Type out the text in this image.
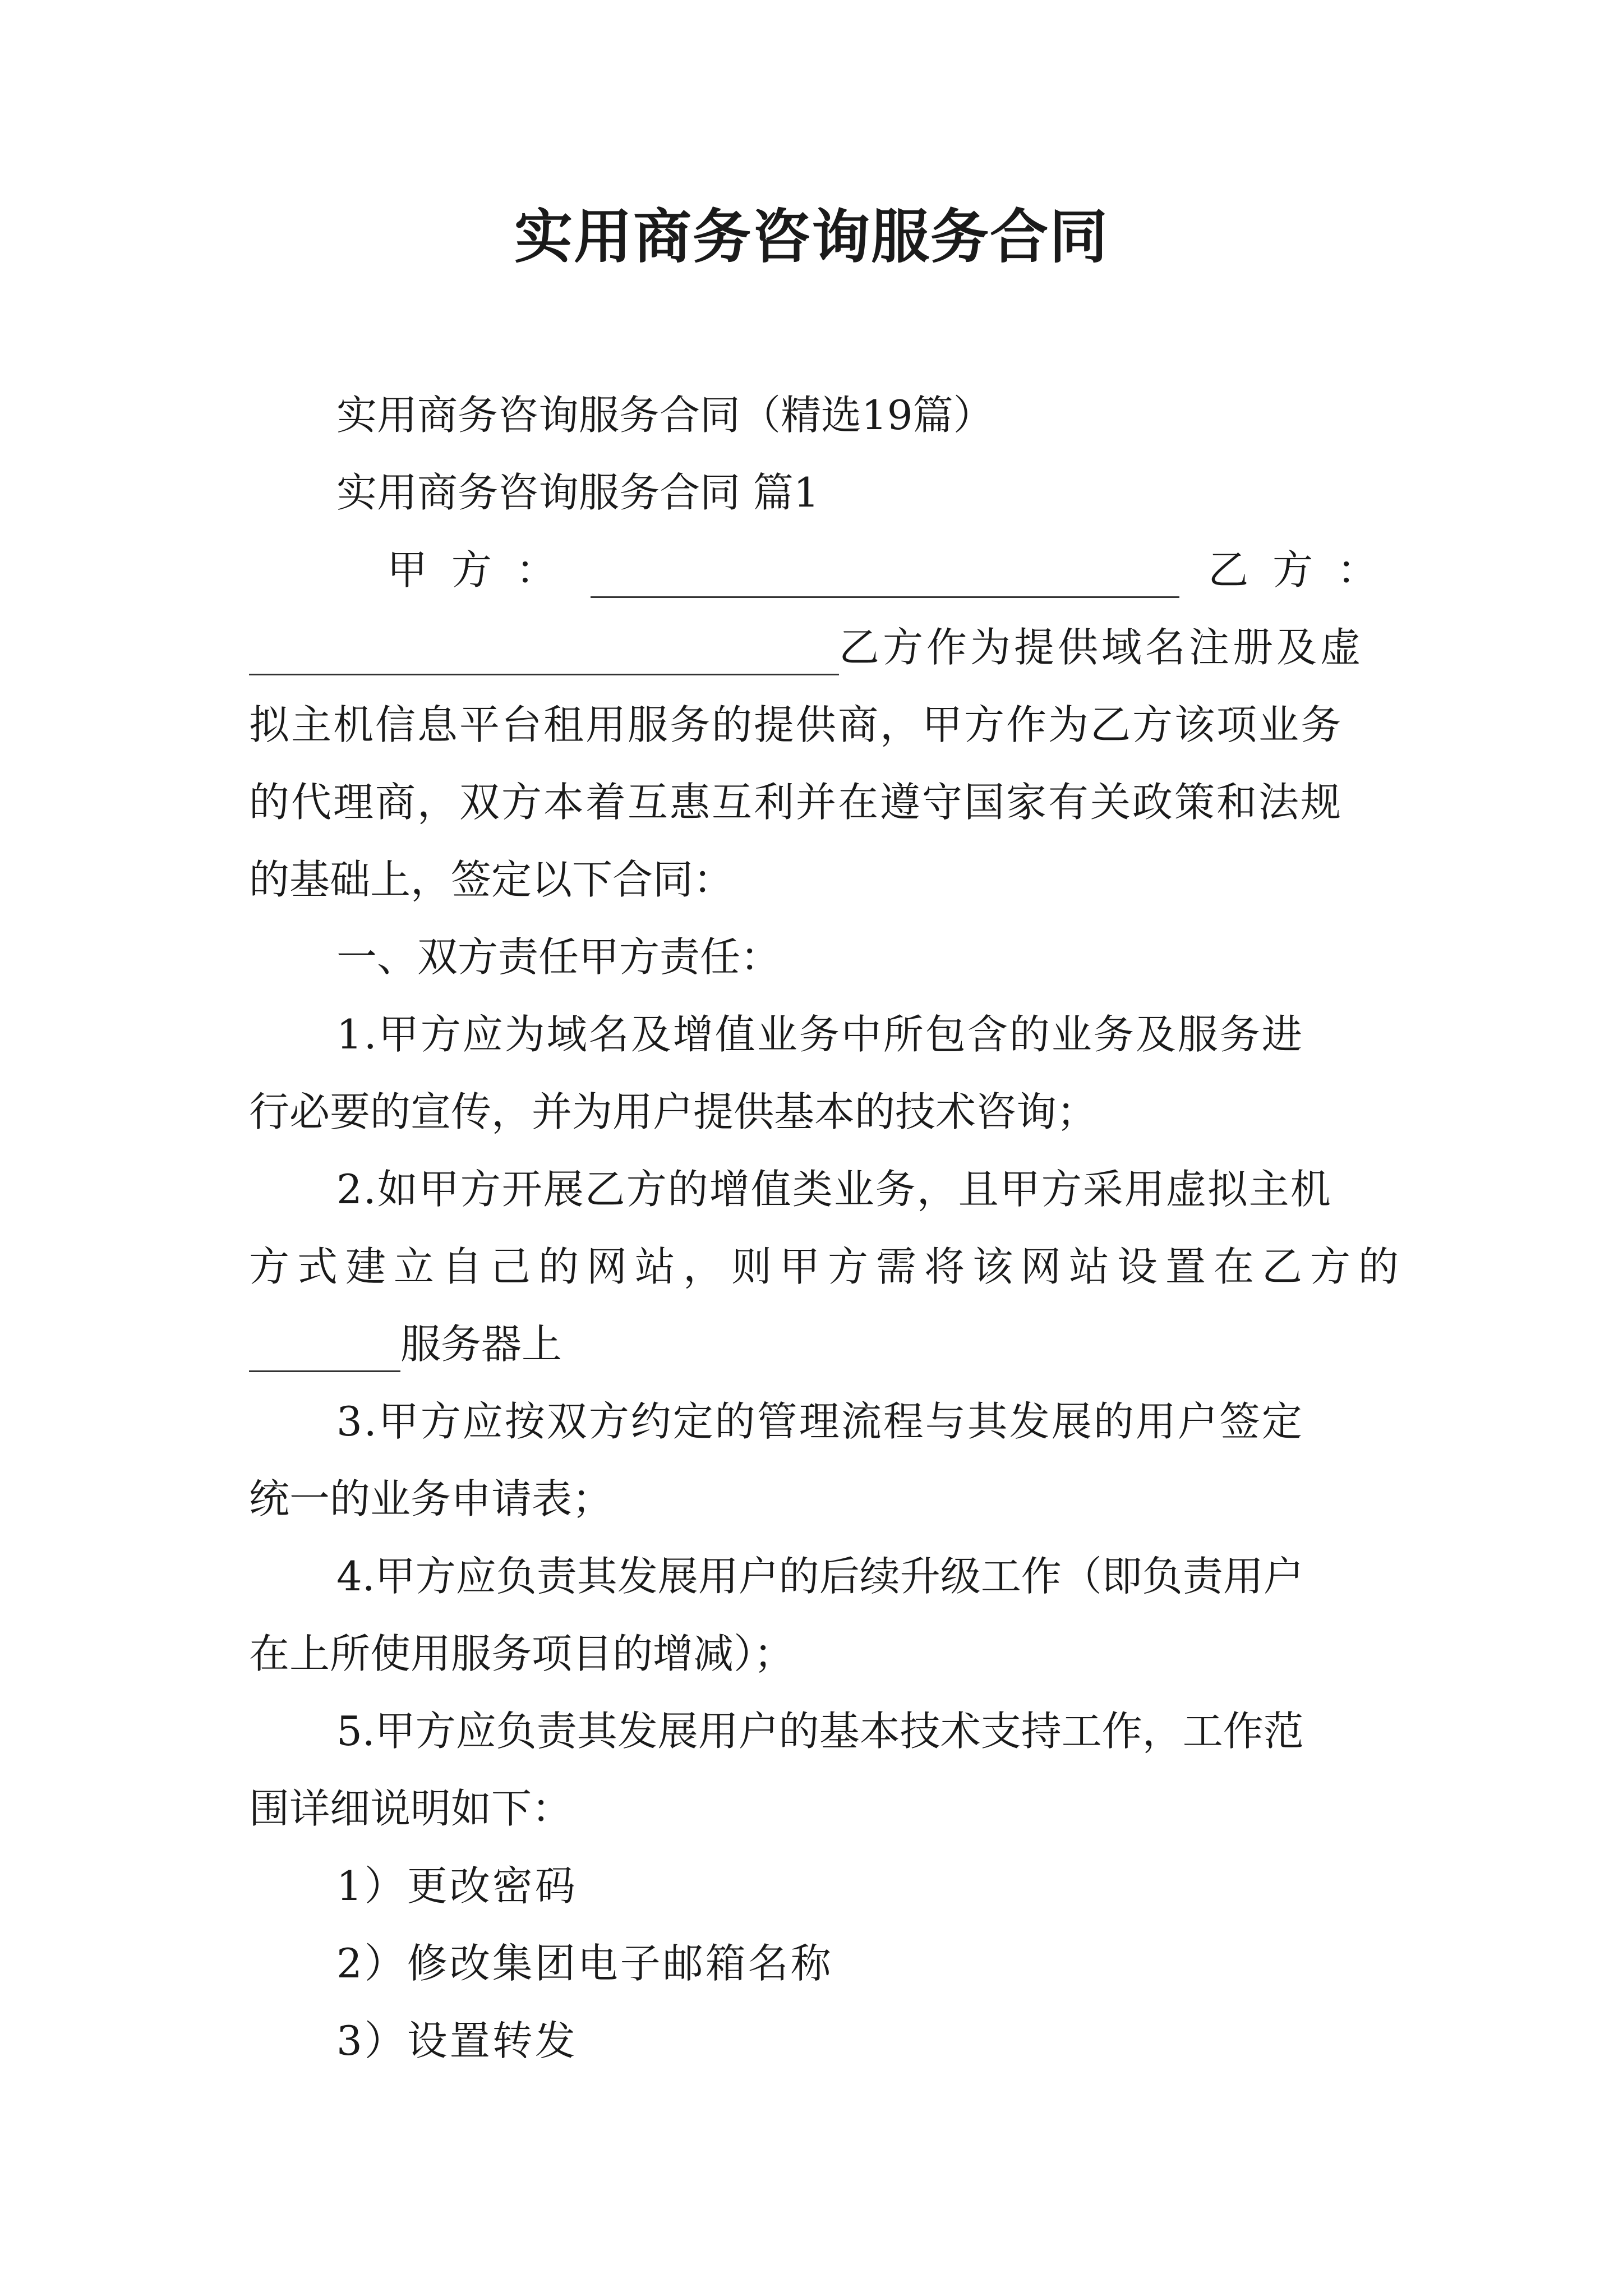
实用商务咨询服务合同

实用商务咨询服务合同（精选19篇）

实用商务咨询服务合同 篇1

甲 方 ：	乙 方 ：
乙方作为提供域名注册及虚

拟主机信息平台租用服务的提供商，甲方作为乙方该项业务

的代理商，双方本着互惠互利并在遵守国家有关政策和法规

的基础上，签定以下合同：

一、双方责任甲方责任：

1.甲方应为域名及增值业务中所包含的业务及服务进

行必要的宣传，并为用户提供基本的技术咨询；

2.如甲方开展乙方的增值类业务，且甲方采用虚拟主机

方式建立自己的网站，则甲方需将该网站设置在乙方的

服务器上

3.甲方应按双方约定的管理流程与其发展的用户签定

统一的业务申请表；

4.甲方应负责其发展用户的后续升级工作（即负责用户

在上所使用服务项目的增减）；

5.甲方应负责其发展用户的基本技术支持工作，工作范

围详细说明如下：

1）更改密码

2）修改集团电子邮箱名称

3）设置转发
